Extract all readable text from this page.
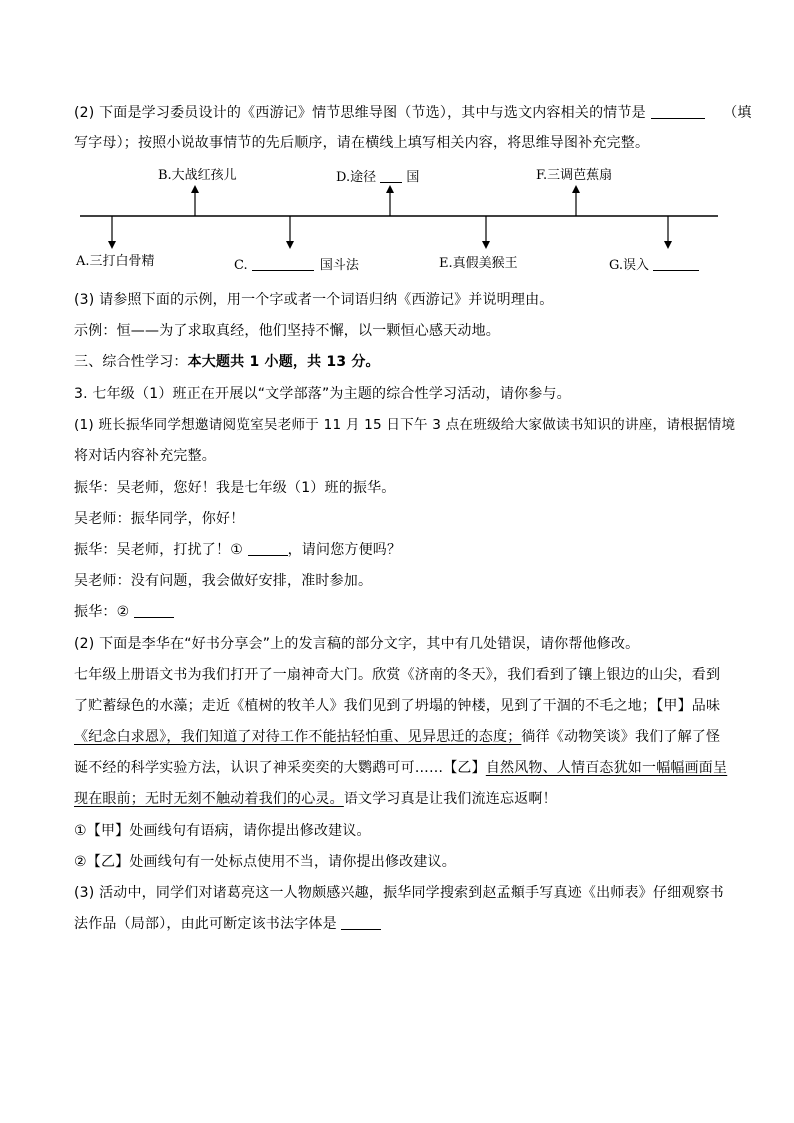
(2) 下面是学习委员设计的《西游记》情节思维导图（节选），其中与选文内容相关的情节是	（填
写字母）；按照小说故事情节的先后顺序，请在横线上填写相关内容，将思维导图补充完整。
B.大战红孩儿	D.途径 国	F.三调芭蕉扇
A.三打白骨精	C.	国斗法	E.真假美猴王	G.误入
(3) 请参照下面的示例，用一个字或者一个词语归纳《西游记》并说明理由。
示例：恒——为了求取真经，他们坚持不懈，以一颗恒心感天动地。
三、综合性学习：本大题共 1 小题，共 13 分。
3. 七年级（1）班正在开展以“文学部落”为主题的综合性学习活动，请你参与。
(1) 班长振华同学想邀请阅览室吴老师于 11 月 15 日下午 3 点在班级给大家做读书知识的讲座，请根据情境
将对话内容补充完整。
振华：吴老师，您好！我是七年级（1）班的振华。
吴老师：振华同学，你好！
振华：吴老师，打扰了！①	，请问您方便吗？
吴老师：没有问题，我会做好安排，准时参加。
振华：②
(2) 下面是李华在“好书分享会”上的发言稿的部分文字，其中有几处错误，请你帮他修改。
七年级上册语文书为我们打开了一扇神奇大门。欣赏《济南的冬天》，我们看到了镶上银边的山尖，看到
了贮蓄绿色的水藻；走近《植树的牧羊人》我们见到了坍塌的钟楼，见到了干涸的不毛之地；【甲】品味
《纪念白求恩》，我们知道了对待工作不能拈轻怕重、见异思迁的态度；徜徉《动物笑谈》我们了解了怪
诞不经的科学实验方法，认识了神采奕奕的大鹦鹉可可……【乙】自然风物、人情百态犹如一幅幅画面呈
现在眼前；无时无刻不触动着我们的心灵。语文学习真是让我们流连忘返啊！
①【甲】处画线句有语病，请你提出修改建议。
②【乙】处画线句有一处标点使用不当，请你提出修改建议。
(3) 活动中，同学们对诸葛亮这一人物颇感兴趣，振华同学搜索到赵孟頫手写真迹《出师表》仔细观察书
法作品（局部），由此可断定该书法字体是
